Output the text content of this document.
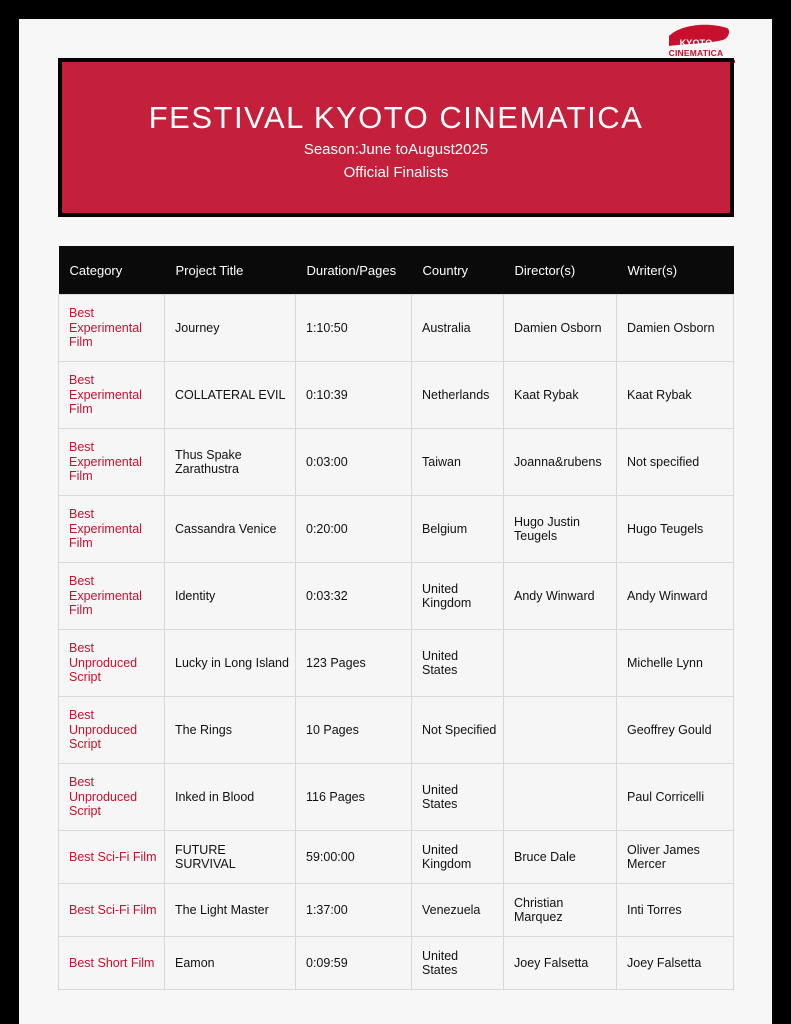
KYOTO
CINEMATICA
FESTIVAL KYOTO CINEMATICA
Season:June toAugust2025
Official Finalists
Category	Project Title	Duration/Pages	Country	Director(s)	Writer(s)
Best Experimental Film	Journey	1:10:50	Australia	Damien Osborn	Damien Osborn
Best Experimental Film	COLLATERAL EVIL	0:10:39	Netherlands	Kaat Rybak	Kaat Rybak
Best Experimental Film	Thus Spake Zarathustra	0:03:00	Taiwan	Joanna&rubens	Not specified
Best Experimental Film	Cassandra Venice	0:20:00	Belgium	Hugo Justin Teugels	Hugo Teugels
Best Experimental Film	Identity	0:03:32	United Kingdom	Andy Winward	Andy Winward
Best Unproduced Script	Lucky in Long Island	123 Pages	United States		Michelle Lynn
Best Unproduced Script	The Rings	10 Pages	Not Specified		Geoffrey Gould
Best Unproduced Script	Inked in Blood	116 Pages	United States		Paul Corricelli
Best Sci-Fi Film	FUTURE SURVIVAL	59:00:00	United Kingdom	Bruce Dale	Oliver James Mercer
Best Sci-Fi Film	The Light Master	1:37:00	Venezuela	Christian Marquez	Inti Torres
Best Short Film	Eamon	0:09:59	United States	Joey Falsetta	Joey Falsetta
